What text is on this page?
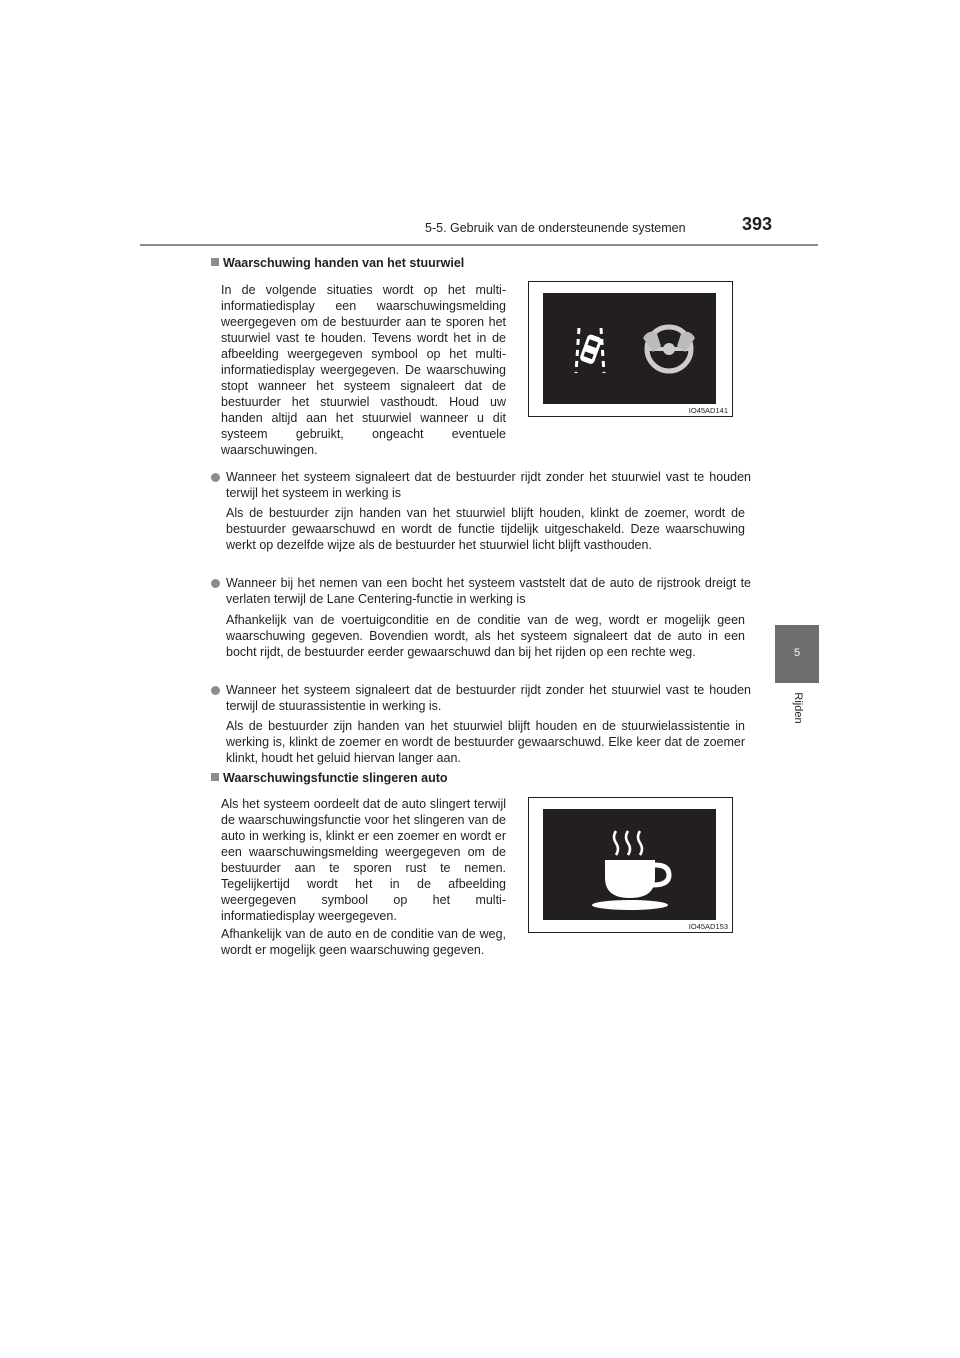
5-5. Gebruik van de ondersteunende systemen	393
5
Rijden
Waarschuwing handen van het stuurwiel
In de volgende situaties wordt op het multi-informatiedisplay een waarschuwingsmelding weergegeven om de bestuurder aan te sporen het stuurwiel vast te houden. Tevens wordt het in de afbeelding weergegeven symbool op het multi-informatiedisplay weergegeven. De waarschuwing stopt wanneer het systeem signaleert dat de bestuurder het stuurwiel vasthoudt. Houd uw handen altijd aan het stuurwiel wanneer u dit systeem gebruikt, ongeacht eventuele waarschuwingen.
IO45AD141
Wanneer het systeem signaleert dat de bestuurder rijdt zonder het stuurwiel vast te houden terwijl het systeem in werking is
Als de bestuurder zijn handen van het stuurwiel blijft houden, klinkt de zoemer, wordt de bestuurder gewaarschuwd en wordt de functie tijdelijk uitgeschakeld. Deze waarschuwing werkt op dezelfde wijze als de bestuurder het stuurwiel licht blijft vasthouden.
Wanneer bij het nemen van een bocht het systeem vaststelt dat de auto de rijstrook dreigt te verlaten terwijl de Lane Centering-functie in werking is
Afhankelijk van de voertuigconditie en de conditie van de weg, wordt er mogelijk geen waarschuwing gegeven. Bovendien wordt, als het systeem signaleert dat de auto in een bocht rijdt, de bestuurder eerder gewaarschuwd dan bij het rijden op een rechte weg.
Wanneer het systeem signaleert dat de bestuurder rijdt zonder het stuurwiel vast te houden terwijl de stuurassistentie in werking is.
Als de bestuurder zijn handen van het stuurwiel blijft houden en de stuurwielassistentie in werking is, klinkt de zoemer en wordt de bestuurder gewaarschuwd. Elke keer dat de zoemer klinkt, houdt het geluid hiervan langer aan.
Waarschuwingsfunctie slingeren auto
Als het systeem oordeelt dat de auto slingert terwijl de waarschuwingsfunctie voor het slingeren van de auto in werking is, klinkt er een zoemer en wordt er een waarschuwingsmelding weergegeven om de bestuurder aan te sporen rust te nemen. Tegelijkertijd wordt het in de afbeelding weergegeven symbool op het multi-informatiedisplay weergegeven.
Afhankelijk van de auto en de conditie van de weg, wordt er mogelijk geen waarschuwing gegeven.
IO45AD153
